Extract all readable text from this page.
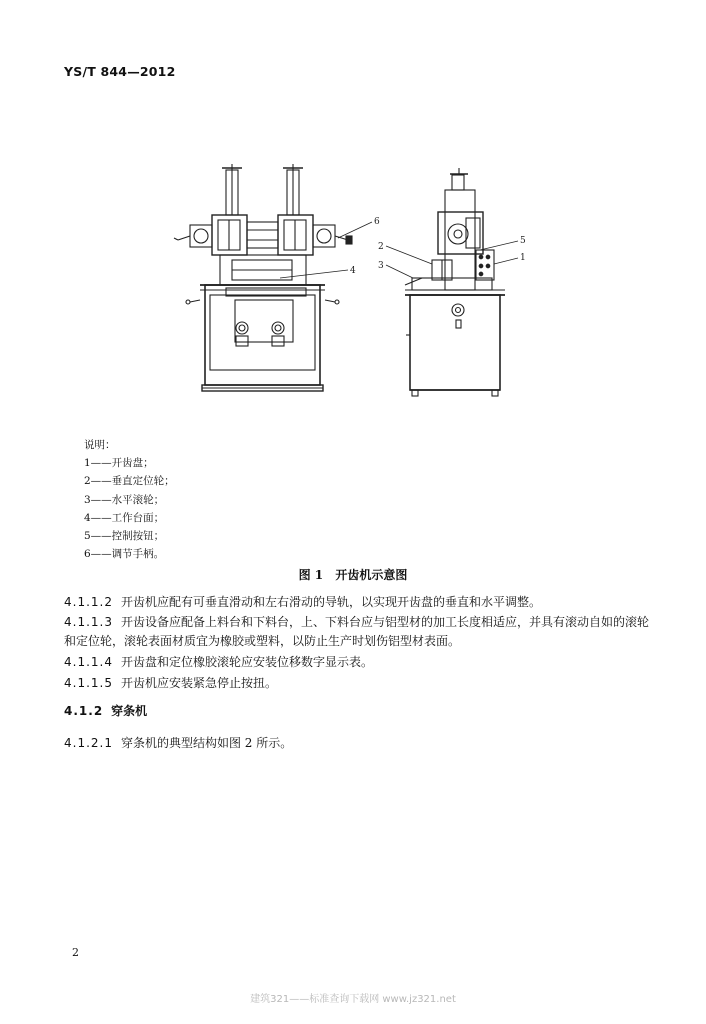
YS/T 844—2012
6
4
2
5
3
1
说明：
1——开齿盘；
2——垂直定位轮；
3——水平滚轮；
4——工作台面；
5——控制按钮；
6——调节手柄。
图 1 开齿机示意图
4.1.1.2 开齿机应配有可垂直滑动和左右滑动的导轨，以实现开齿盘的垂直和水平调整。
4.1.1.3 开齿设备应配备上料台和下料台，上、下料台应与铝型材的加工长度相适应，并具有滚动自如的滚轮和定位轮，滚轮表面材质宜为橡胶或塑料，以防止生产时划伤铝型材表面。
4.1.1.4 开齿盘和定位橡胶滚轮应安装位移数字显示表。
4.1.1.5 开齿机应安装紧急停止按扭。
4.1.2 穿条机
4.1.2.1 穿条机的典型结构如图 2 所示。
2
建筑321——标准查询下载网 www.jz321.net
